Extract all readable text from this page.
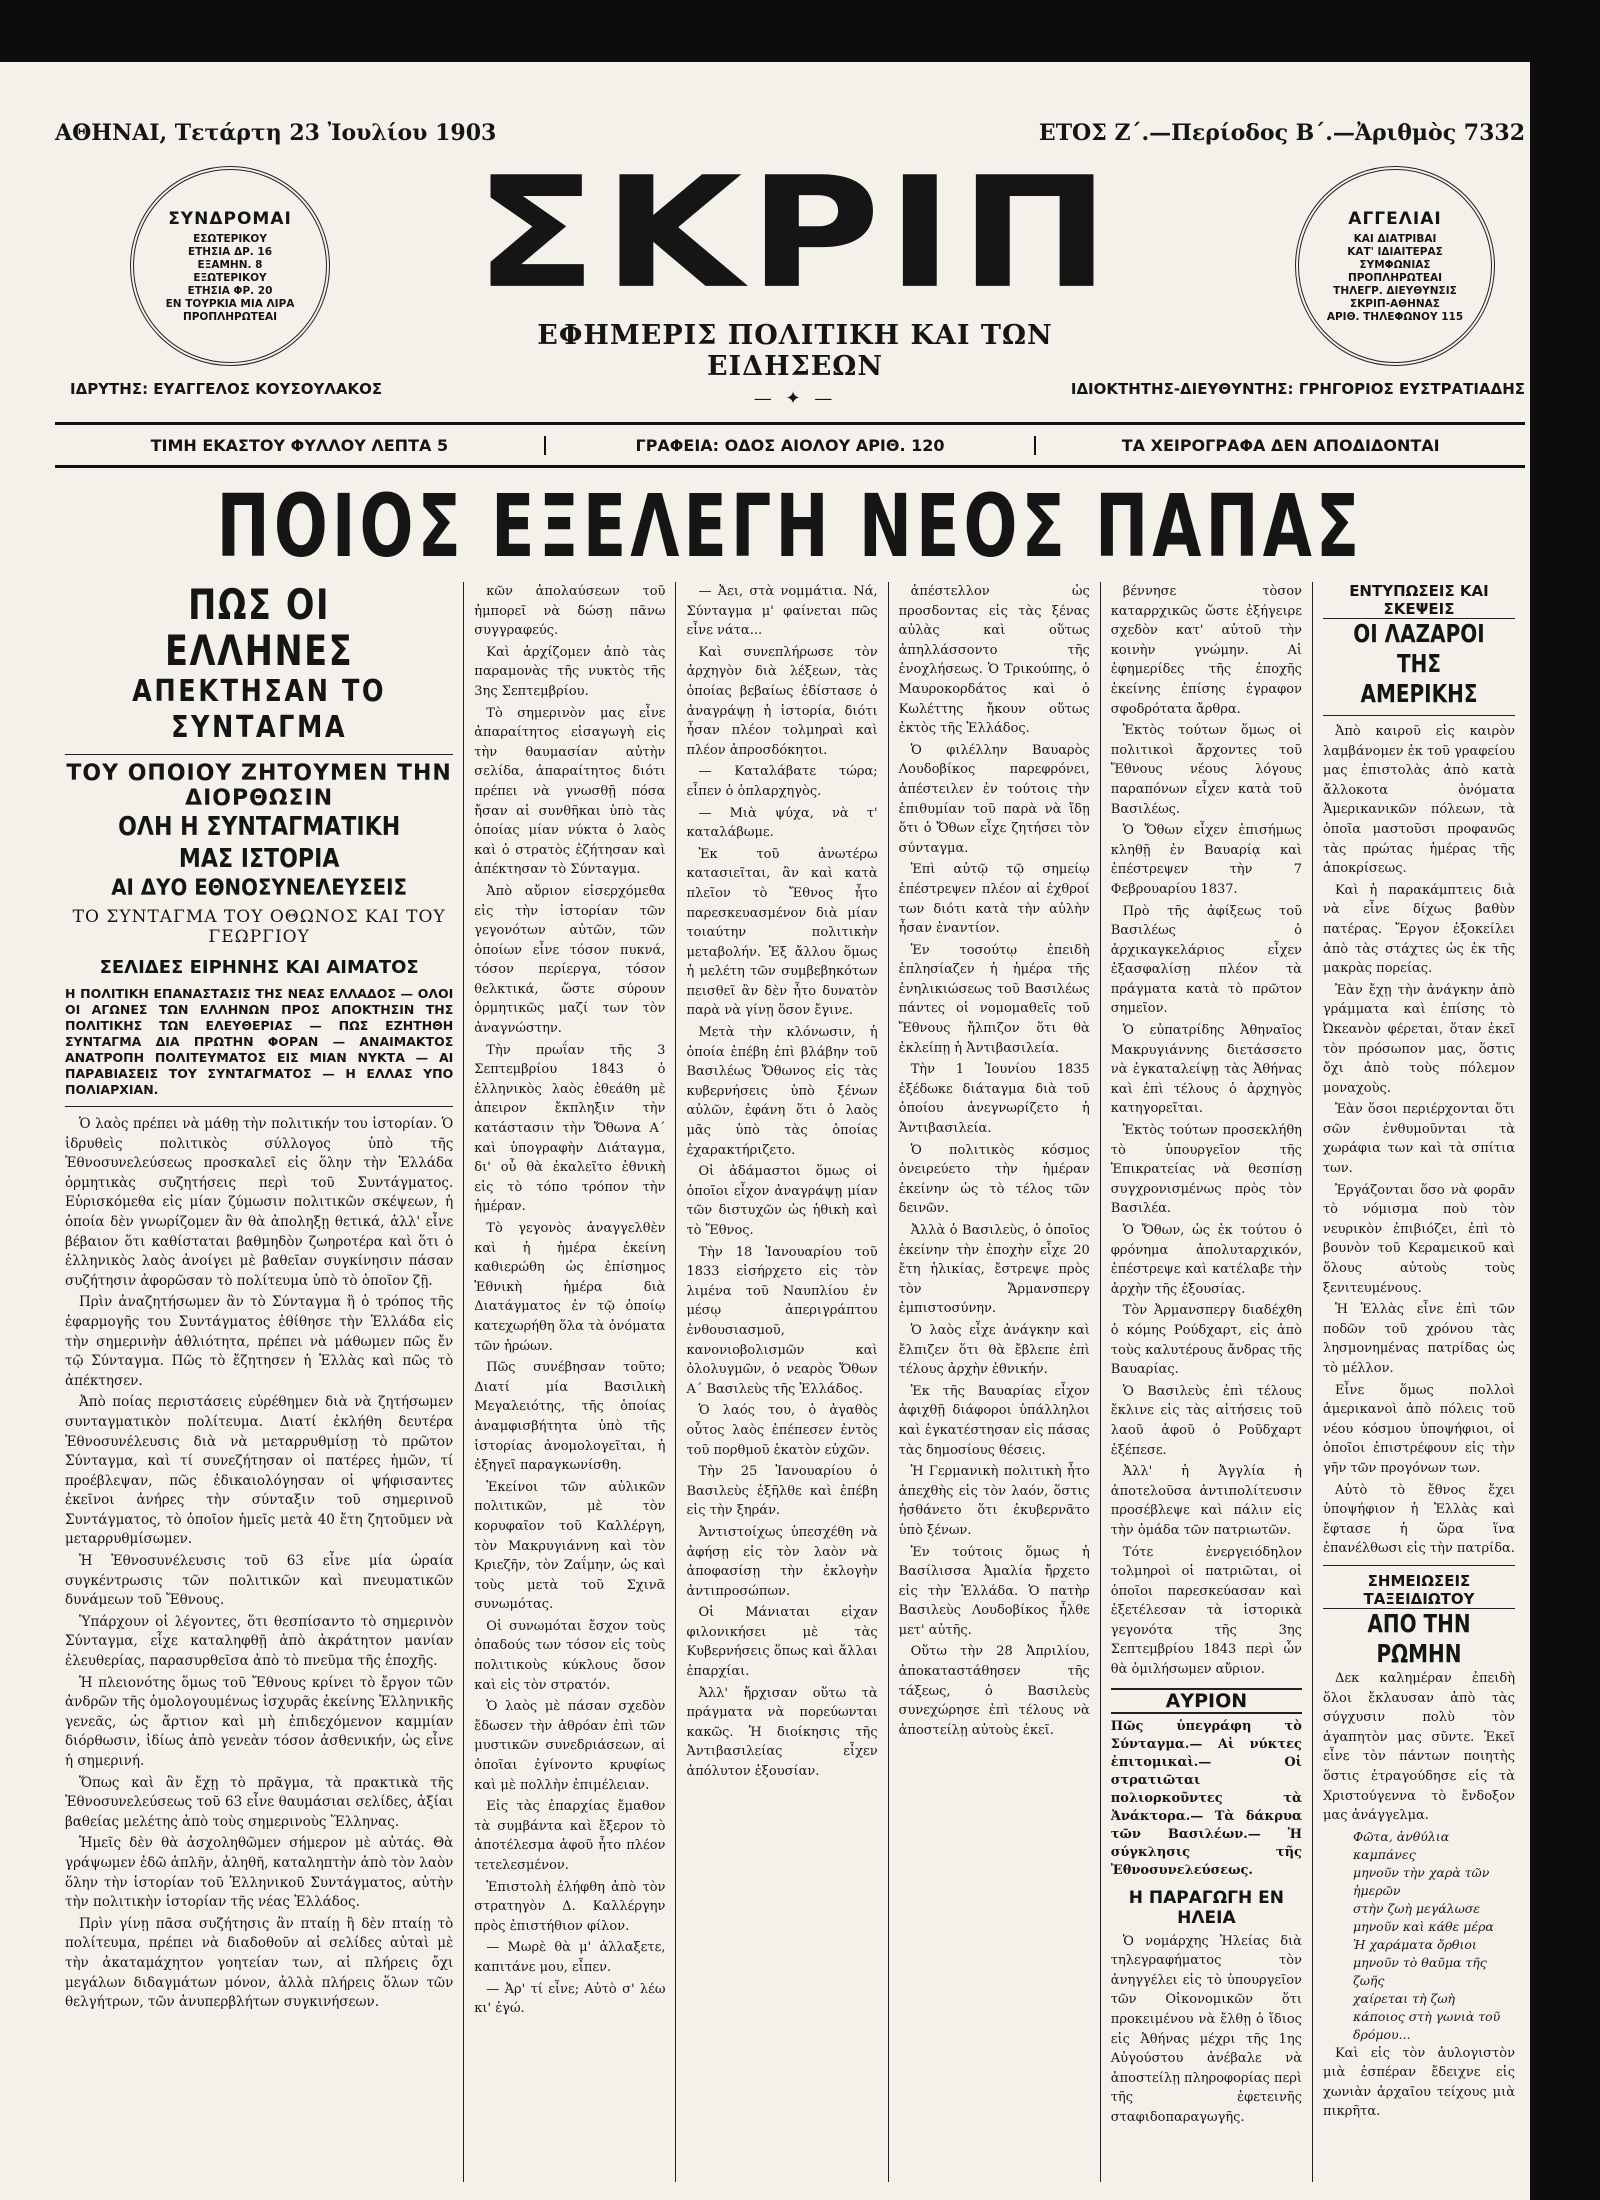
ΑΘΗΝΑΙ, Τετάρτη 23 Ἰουλίου 1903	ΕΤΟΣ Ζ΄.—Περίοδος Β΄.—Ἀριθμὸς 7332
ΣΥΝΔΡΟΜΑΙ
ΕΣΩΤΕΡΙΚΟΥ
ΕΤΗΣΙΑ ΔΡ. 16
ΕΞΑΜΗΝ. 8
ΕΞΩΤΕΡΙΚΟΥ
ΕΤΗΣΙΑ ΦΡ. 20
ΕΝ ΤΟΥΡΚΙΑ ΜΙΑ ΛΙΡΑ
ΠΡΟΠΛΗΡΩΤΕΑΙ ΣΚΡΙΠ
ΕΦΗΜΕΡΙΣ ΠΟΛΙΤΙΚΗ ΚΑΙ ΤΩΝ ΕΙΔΗΣΕΩΝ
— ✦ —
ΑΓΓΕΛΙΑΙ
ΚΑΙ ΔΙΑΤΡΙΒΑΙ
ΚΑΤ' ΙΔΙΑΙΤΕΡΑΣ
ΣΥΜΦΩΝΙΑΣ
ΠΡΟΠΛΗΡΩΤΕΑΙ
ΤΗΛΕΓΡ. ΔΙΕΥΘΥΝΣΙΣ
ΣΚΡΙΠ-ΑΘΗΝΑΣ
ΑΡΙΘ. ΤΗΛΕΦΩΝΟΥ 115
ΙΔΡΥΤΗΣ: ΕΥΑΓΓΕΛΟΣ ΚΟΥΣΟΥΛΑΚΟΣ	ΙΔΙΟΚΤΗΤΗΣ-ΔΙΕΥΘΥΝΤΗΣ: ΓΡΗΓΟΡΙΟΣ ΕΥΣΤΡΑΤΙΑΔΗΣ
ΤΙΜΗ ΕΚΑΣΤΟΥ ΦΥΛΛΟΥ ΛΕΠΤΑ 5	ΓΡΑΦΕΙΑ: ΟΔΟΣ ΑΙΟΛΟΥ ΑΡΙΘ. 120	ΤΑ ΧΕΙΡΟΓΡΑΦΑ ΔΕΝ ΑΠΟΔΙΔΟΝΤΑΙ
ΠΟΙΟΣ ΕΞΕΛΕΓΗ ΝΕΟΣ ΠΑΠΑΣ
ΠΩΣ ΟΙ ΕΛΛΗΝΕΣ
ΑΠΕΚΤΗΣΑΝ ΤΟ ΣΥΝΤΑΓΜΑ
ΤΟΥ ΟΠΟΙΟΥ ΖΗΤΟΥΜΕΝ ΤΗΝ ΔΙΟΡΘΩΣΙΝ
ΟΛΗ Η ΣΥΝΤΑΓΜΑΤΙΚΗ ΜΑΣ ΙΣΤΟΡΙΑ
ΑΙ ΔΥΟ ΕΘΝΟΣΥΝΕΛΕΥΣΕΙΣ
ΤΟ ΣΥΝΤΑΓΜΑ ΤΟΥ ΟΘΩΝΟΣ ΚΑΙ ΤΟΥ ΓΕΩΡΓΙΟΥ
ΣΕΛΙΔΕΣ ΕΙΡΗΝΗΣ ΚΑΙ ΑΙΜΑΤΟΣ
Η ΠΟΛΙΤΙΚΗ ΕΠΑΝΑΣΤΑΣΙΣ ΤΗΣ ΝΕΑΣ ΕΛΛΑΔΟΣ — ΟΛΟΙ ΟΙ ΑΓΩΝΕΣ ΤΩΝ ΕΛΛΗΝΩΝ ΠΡΟΣ ΑΠΟΚΤΗΣΙΝ ΤΗΣ ΠΟΛΙΤΙΚΗΣ ΤΩΝ ΕΛΕΥΘΕΡΙΑΣ — ΠΩΣ ΕΖΗΤΗΘΗ ΣΥΝΤΑΓΜΑ ΔΙΑ ΠΡΩΤΗΝ ΦΟΡΑΝ — ΑΝΑΙΜΑΚΤΟΣ ΑΝΑΤΡΟΠΗ ΠΟΛΙΤΕΥΜΑΤΟΣ ΕΙΣ ΜΙΑΝ ΝΥΚΤΑ — ΑΙ ΠΑΡΑΒΙΑΣΕΙΣ ΤΟΥ ΣΥΝΤΑΓΜΑΤΟΣ — Η ΕΛΛΑΣ ΥΠΟ ΠΟΛΙΑΡΧΙΑΝ.

Ὁ λαὸς πρέπει νὰ μάθῃ τὴν πολιτικήν του ἱστορίαν. Ὁ ἱδρυθεὶς πολιτικὸς σύλλογος ὑπὸ τῆς Ἐθνοσυνελεύσεως προσκαλεῖ εἰς ὅλην τὴν Ἑλλάδα ὁρμητικὰς συζητήσεις περὶ τοῦ Συντάγματος. Εὑρισκόμεθα εἰς μίαν ζύμωσιν πολιτικῶν σκέψεων, ἡ ὁποία δὲν γνωρίζομεν ἂν θὰ ἀποληξῃ θετικά, ἀλλ' εἶνε βέβαιον ὅτι καθίσταται βαθμηδὸν ζωηροτέρα καὶ ὅτι ὁ ἑλληνικὸς λαὸς ἀνοίγει μὲ βαθεῖαν συγκίνησιν πάσαν συζήτησιν ἀφορῶσαν τὸ πολίτευμα ὑπὸ τὸ ὁποῖον ζῇ.

Πρὶν ἀναζητήσωμεν ἂν τὸ Σύνταγμα ἢ ὁ τρόπος τῆς ἐφαρμογῆς του Συντάγματος ἐθίθησε τὴν Ἑλλάδα εἰς τὴν σημερινὴν ἀθλιότητα, πρέπει νὰ μάθωμεν πῶς ἔν τῷ Σύνταγμα. Πῶς τὸ ἔζητησεν ἡ Ἑλλὰς καὶ πῶς τὸ ἀπέκτησεν.

Ἀπὸ ποίας περιστάσεις εὑρέθημεν διὰ νὰ ζητήσωμεν συνταγματικὸν πολίτευμα. Διατί ἐκλήθη δευτέρα Ἐθνοσυνέλευσις διὰ νὰ μεταρρυθμίσῃ τὸ πρῶτον Σύνταγμα, καὶ τί συνεζήτησαν οἱ πατέρες ἡμῶν, τί προέβλεψαν, πῶς ἐδικαιολόγησαν οἱ ψήφισαντες ἐκεῖνοι ἀνήρες τὴν σύνταξιν τοῦ σημερινοῦ Συντάγματος, τὸ ὁποῖον ἡμεῖς μετὰ 40 ἔτη ζητοῦμεν νὰ μεταρρυθμίσωμεν.

Ἡ Ἐθνοσυνέλευσις τοῦ 63 εἶνε μία ὡραία συγκέντρωσις τῶν πολιτικῶν καὶ πνευματικῶν δυνάμεων τοῦ Ἔθνους.

Ὑπάρχουν οἱ λέγοντες, ὅτι θεσπίσαντο τὸ σημερινὸν Σύνταγμα, εἶχε καταληφθῇ ἀπὸ ἀκράτητον μανίαν ἐλευθερίας, παρασυρθεῖσα ἀπὸ τὸ πνεῦμα τῆς ἐποχῆς.

Ἡ πλειονότης ὅμως τοῦ Ἔθνους κρίνει τὸ ἔργον τῶν ἀνδρῶν τῆς ὁμολογουμένως ἰσχυρᾶς ἐκείνης Ἑλληνικῆς γενεᾶς, ὡς ἄρτιον καὶ μὴ ἐπιδεχόμενον καμμίαν διόρθωσιν, ἰδίως ἀπὸ γενεὰν τόσον ἀσθενικήν, ὡς εἶνε ἡ σημερινή.

Ὅπως καὶ ἂν ἔχῃ τὸ πρᾶγμα, τὰ πρακτικὰ τῆς Ἐθνοσυνελεύσεως τοῦ 63 εἶνε θαυμάσιαι σελίδες, ἀξίαι βαθείας μελέτης ἀπὸ τοὺς σημερινοὺς Ἕλληνας.

Ἡμεῖς δὲν θὰ ἀσχοληθῶμεν σήμερον μὲ αὐτάς. Θὰ γράψωμεν ἐδῶ ἁπλῆν, ἀληθῆ, καταληπτὴν ἀπὸ τὸν λαὸν ὅλην τὴν ἱστορίαν τοῦ Ἑλληνικοῦ Συντάγματος, αὐτὴν τὴν πολιτικὴν ἱστορίαν τῆς νέας Ἑλλάδος.

Πρὶν γίνῃ πᾶσα συζήτησις ἂν πταίῃ ἢ δὲν πταίῃ τὸ πολίτευμα, πρέπει νὰ διαδοθοῦν αἱ σελίδες αὐταὶ μὲ τὴν ἀκαταμάχητον γοητείαν των, αἱ πλήρεις ὄχι μεγάλων διδαγμάτων μόνον, ἀλλὰ πλήρεις ὅλων τῶν θελγήτρων, τῶν ἀνυπερβλήτων συγκινήσεων.

κῶν ἀπολαύσεων τοῦ ἠμπορεῖ νὰ δώσῃ πᾶνω συγγραφεύς.

Καὶ ἀρχίζομεν ἀπὸ τὰς παραμονὰς τῆς νυκτὸς τῆς 3ης Σεπτεμβρίου.

Τὸ σημερινὸν μας εἶνε ἀπαραίτητος εἰσαγωγὴ εἰς τὴν θαυμασίαν αὐτὴν σελίδα, ἀπαραίτητος διότι πρέπει νὰ γνωσθῇ πόσα ἤσαν αἱ συνθῆκαι ὑπὸ τὰς ὁποίας μίαν νύκτα ὁ λαὸς καὶ ὁ στρατὸς ἐζήτησαν καὶ ἀπέκτησαν τὸ Σύνταγμα.

Ἀπὸ αὔριον εἰσερχόμεθα εἰς τὴν ἱστορίαν τῶν γεγονότων αὐτῶν, τῶν ὁποίων εἶνε τόσον πυκνά, τόσον περίεργα, τόσον θελκτικά, ὥστε σύρουν ὁρμητικῶς μαζί των τὸν ἀναγνώστην.

Τὴν πρωΐαν τῆς 3 Σεπτεμβρίου 1843 ὁ ἑλληνικὸς λαὸς ἐθεάθη μὲ ἀπειρον ἔκπληξιν τὴν κατάστασιν τὴν Ὄθωνα Α΄ καὶ ὑπογραφὴν Διάταγμα, δι' οὗ θὰ ἐκαλεῖτο ἐθνικὴ εἰς τὸ τόπο τρόπον τὴν ἡμέραν.

Τὸ γεγονὸς ἀναγγελθὲν καὶ ἡ ἡμέρα ἐκείνη καθιερώθη ὡς ἐπίσημος Ἐθνικὴ ἡμέρα διὰ Διατάγματος ἐν τῷ ὁποίῳ κατεχωρήθη ὅλα τὰ ὀνόματα τῶν ἡρώων.

Πῶς συνέβησαν τοῦτο; Διατί μία Βασιλικὴ Μεγαλειότης, τῆς ὁποίας ἀναμφισβήτητα ὑπὸ τῆς ἱστορίας ἀνομολογεῖται, ἠ ἐξηγεῖ παραγκωνίσθη.

Ἐκείνοι τῶν αὐλικῶν πολιτικῶν, μὲ τὸν κορυφαῖον τοῦ Καλλέργη, τὸν Μακρυγιάννη καὶ τὸν Κριεζῆν, τὸν Ζαΐμην, ὡς καὶ τοὺς μετὰ τοῦ Σχινᾶ συνωμότας.

Οἱ συνωμόται ἔσχον τοὺς ὀπαδούς των τόσον εἰς τοὺς πολιτικοὺς κύκλους ὅσον καὶ εἰς τὸν στρατόν.

Ὁ λαὸς μὲ πάσαν σχεδὸν ἔδωσεν τὴν ἀθρόαν ἐπὶ τῶν μυστικῶν συνεδριάσεων, αἱ ὁποῖαι ἐγίνοντο κρυφίως καὶ μὲ πολλὴν ἐπιμέλειαν.

Εἰς τὰς ἐπαρχίας ἔμαθον τὰ συμβάντα καὶ ἔξερον τὸ ἀποτέλεσμα ἀφοῦ ἦτο πλέον τετελεσμένον.

Ἐπιστολὴ ἐλήφθη ἀπὸ τὸν στρατηγὸν Δ. Καλλέργην πρὸς ἐπιστήθιον φίλον.

— Μωρὲ θὰ μ' ἀλλαξετε, καπιτάνε μου, εἶπεν.

— Ἀρ' τί εἶνε; Αὐτὸ σ' λέω κι' ἐγώ.

— Ἀει, στὰ νομμάτια. Νά, Σύνταγμα μ' φαίνεται πῶς εἶνε νάτα...

Καὶ συνεπλήρωσε τὸν ἀρχηγὸν διὰ λέξεων, τὰς ὁποίας βεβαίως ἐδίστασε ὁ ἀναγράψῃ ἡ ἱστορία, διότι ἦσαν πλέον τολμηραὶ καὶ πλέον ἀπροσδόκητοι.

— Καταλάβατε τώρα; εἶπεν ὁ ὁπλαρχηγὸς.

— Μιὰ ψύχα, νὰ τ' καταλάβωμε.

Ἐκ τοῦ ἀνωτέρω κατασιεῖται, ἂν καὶ κατὰ πλεῖον τὸ Ἔθνος ἦτο παρεσκευασμένον διὰ μίαν τοιαύτην πολιτικὴν μεταβολήν. Ἐξ ἄλλου ὅμως ἡ μελέτη τῶν συμβεβηκότων πεισθεῖ ἂν δὲν ἦτο δυνατὸν παρὰ νὰ γίνῃ ὅσον ἔγινε.

Μετὰ τὴν κλόνωσιν, ἡ ὁποία ἐπέβη ἐπὶ βλάβην τοῦ Βασιλέως Ὄθωνος εἰς τὰς κυβερνήσεις ὑπὸ ξένων αὐλῶν, ἐφάνη ὅτι ὁ λαὸς μᾶς ὑπὸ τὰς ὁποίας ἐχαρακτήριζετο.

Οἱ ἀδάμαστοι ὅμως οἱ ὁποῖοι εἶχον ἀναγράψῃ μίαν τῶν διστυχῶν ὡς ἡθικὴ καὶ τὸ Ἔθνος.

Τὴν 18 Ἰανουαρίου τοῦ 1833 εἰσήρχετο εἰς τὸν λιμένα τοῦ Ναυπλίου ἐν μέσῳ ἀπεριγράπτου ἐνθουσιασμοῦ, κανονιοβολισμῶν καὶ ὁλολυγμῶν, ὁ νεαρὸς Ὄθων Α΄ Βασιλεὺς τῆς Ἑλλάδος.

Ὁ λαός του, ὁ ἀγαθὸς οὗτος λαὸς ἐπέπεσεν ἐντὸς τοῦ πορθμοῦ ἑκατὸν εὐχῶν.

Τὴν 25 Ἰανουαρίου ὁ Βασιλεὺς ἐξῆλθε καὶ ἐπέβη εἰς τὴν ξηράν.

Ἀντιστοίχως ὑπεσχέθη νὰ ἀφήσῃ εἰς τὸν λαὸν νὰ ἀποφασίσῃ τὴν ἐκλογὴν ἀντιπροσώπων.

Οἱ Μάνιαται εἰχαν φιλονικήσει μὲ τὰς Κυβερνήσεις ὅπως καὶ ἄλλαι ἐπαρχίαι.

Ἀλλ' ἤρχισαν οὕτω τὰ πράγματα νὰ πορεύωνται κακῶς. Ἡ διοίκησις τῆς Ἀντιβασιλείας εἶχεν ἀπόλυτον ἐξουσίαν.

ἀπέστελλον ὡς προσδοντας εἰς τὰς ξένας αὐλὰς καὶ οὕτως ἀπηλλάσσοντο τῆς ἐνοχλήσεως. Ὁ Τρικούπης, ὁ Μαυροκορδάτος καὶ ὁ Κωλέττης ἤκουν οὕτως ἐκτὸς τῆς Ἑλλάδος.

Ὁ φιλέλλην Βαυαρὸς Λουδοβίκος παρεφρόνει, ἀπέστειλεν ἐν τούτοις τὴν ἐπιθυμίαν τοῦ παρὰ νὰ ἴδῃ ὅτι ὁ Ὄθων εἶχε ζητήσει τὸν σύνταγμα.

Ἐπὶ αὐτῷ τῷ σημείῳ ἐπέστρεψεν πλέον αἱ ἐχθροί των διότι κατὰ τὴν αὐλὴν ἦσαν ἐναντίον.

Ἐν τοσούτῳ ἐπειδὴ ἐπλησίαζεν ἡ ἡμέρα τῆς ἐνηλικιώσεως τοῦ Βασιλέως πάντες οἱ νομομαθεῖς τοῦ Ἔθνους ἤλπιζον ὅτι θὰ ἐκλείπῃ ἡ Ἀντιβασιλεία.

Τὴν 1 Ἰουνίου 1835 ἐξέδωκε διάταγμα διὰ τοῦ ὁποίου ἀνεγνωρίζετο ἡ Ἀντιβασιλεία.

Ὁ πολιτικὸς κόσμος ὀνειρεύετο τὴν ἡμέραν ἐκείνην ὡς τὸ τέλος τῶν δεινῶν.

Ἀλλὰ ὁ Βασιλεὺς, ὁ ὁποῖος ἐκείνην τὴν ἐποχὴν εἶχε 20 ἔτη ἡλικίας, ἔστρεψε πρὸς τὸν Ἄρμανσπεργ ἐμπιστοσύνην.

Ὁ λαὸς εἶχε ἀνάγκην καὶ ἔλπιζεν ὅτι θὰ ἔβλεπε ἐπὶ τέλους ἀρχὴν ἐθνικήν.

Ἐκ τῆς Βαυαρίας εἶχον ἀφιχθῇ διάφοροι ὑπάλληλοι καὶ ἐγκατέστησαν εἰς πάσας τὰς δημοσίους θέσεις.

Ἡ Γερμανικὴ πολιτικὴ ἦτο ἀπεχθὴς εἰς τὸν λαόν, ὅστις ἠσθάνετο ὅτι ἐκυβερνᾶτο ὑπὸ ξένων.

Ἐν τούτοις ὅμως ἡ Βασίλισσα Ἀμαλία ἤρχετο εἰς τὴν Ἑλλάδα. Ὁ πατὴρ Βασιλεὺς Λουδοβίκος ἦλθε μετ' αὐτῆς.

Οὕτω τὴν 28 Ἀπριλίου, ἀποκαταστάθησεν τῆς τάξεως, ὁ Βασιλεὺς συνεχώρησε ἐπὶ τέλους νὰ ἀποστείλῃ αὐτοὺς ἐκεῖ.

βέννησε τὸσον καταρρχικῶς ὥστε ἐξήγειρε σχεδὸν κατ' αὐτοῦ τὴν κοινὴν γνώμην. Αἱ ἐφημερίδες τῆς ἐποχῆς ἐκείνης ἐπίσης ἐγραφον σφοδρότατα ἄρθρα.

Ἐκτὸς τούτων ὅμως οἱ πολιτικοὶ ἄρχοντες τοῦ Ἔθνους νέους λόγους παραπόνων εἶχεν κατὰ τοῦ Βασιλέως.

Ὁ Ὄθων εἶχεν ἐπισήμως κληθῇ ἐν Βαυαρίᾳ καὶ ἐπέστρεψεν τὴν 7 Φεβρουαρίου 1837.

Πρὸ τῆς ἀφίξεως τοῦ Βασιλέως ὁ ἀρχικαγκελάριος εἶχεν ἐξασφαλίσῃ πλέον τὰ πράγματα κατὰ τὸ πρῶτον σημεῖον.

Ὁ εὐπατρίδης Ἀθηναῖος Μακρυγιάννης διετάσσετο νὰ ἐγκαταλείψῃ τὰς Ἀθήνας καὶ ἐπὶ τέλους ὁ ἀρχηγὸς κατηγορεῖται.

Ἐκτὸς τούτων προσεκλήθη τὸ ὑπουργεῖον τῆς Ἐπικρατείας νὰ θεσπίσῃ συγχρονισμένως πρὸς τὸν Βασιλέα.

Ὁ Ὄθων, ὡς ἐκ τούτου ὁ φρόνημα ἀπολυταρχικόν, ἐπέστρεψε καὶ κατέλαβε τὴν ἀρχὴν τῆς ἐξουσίας.

Τὸν Ἀρμανσπεργ διαδέχθη ὁ κόμης Ρούδχαρτ, εἰς ἀπὸ τοὺς καλυτέρους ἄνδρας τῆς Βαυαρίας.

Ὁ Βασιλεὺς ἐπὶ τέλους ἔκλινε εἰς τὰς αἰτήσεις τοῦ λαοῦ ἀφοῦ ὁ Ροῦδχαρτ ἐξέπεσε.

Ἀλλ' ἡ Ἀγγλία ἡ ἀποτελοῦσα ἀντιπολίτευσιν προσέβλεψε καὶ πάλιν εἰς τὴν ὁμάδα τῶν πατριωτῶν.

Τότε ἐνεργειόδηλον τολμηροὶ οἱ πατριῶται, οἱ ὁποῖοι παρεσκεύασαν καὶ ἐξετέλεσαν τὰ ἱστορικὰ γεγονότα τῆς 3ης Σεπτεμβρίου 1843 περὶ ὧν θὰ ὁμιλήσωμεν αὔριον.

ΑΥΡΙΟΝ
Πῶς ὑπεγράφη τὸ Σύνταγμα.— Αἱ νύκτες ἐπιτομικαὶ.— Οἱ στρατιῶται πολιορκοῦντες τὰ Ἀνάκτορα.— Τὰ δάκρυα τῶν Βασιλέων.— Ἡ σύγκλησις τῆς Ἐθνοσυνελεύσεως.
Η ΠΑΡΑΓΩΓΗ ΕΝ ΗΛΕΙΑ

Ὁ νομάρχης Ἠλείας διὰ τηλεγραφήματος τὸν ἀνηγγέλει εἰς τὸ ὑπουργεῖον τῶν Οἰκονομικῶν ὅτι προκειμένου νὰ ἔλθῃ ὁ ἴδιος εἰς Ἀθήνας μέχρι τῆς 1ης Αὐγούστου ἀνέβαλε νὰ ἀποστείλῃ πληροφορίας περὶ τῆς ἐφετεινῆς σταφιδοπαραγωγῆς.

ΕΝΤΥΠΩΣΕΙΣ ΚΑΙ ΣΚΕΨΕΙΣ
ΟΙ ΛΑΖΑΡΟΙ ΤΗΣ ΑΜΕΡΙΚΗΣ

Ἀπὸ καιροῦ εἰς καιρὸν λαμβάνομεν ἐκ τοῦ γραφείου μας ἐπιστολὰς ἀπὸ κατὰ ἄλλοκοτα ὀνόματα Ἀμερικανικῶν πόλεων, τὰ ὁποῖα μαστοῦσι προφανῶς τὰς πρώτας ἡμέρας τῆς ἀποκρίσεως.

Καὶ ἡ παρακάμπτεις διὰ νὰ εἶνε δίχως βαθὺν πατέρας. Ἔργον ἐξοκείλει ἀπὸ τὰς στάχτες ὡς ἐκ τῆς μακρὰς πορείας.

Ἐὰν ἔχῃ τὴν ἀνάγκην ἀπὸ γράμματα καὶ ἐπίσης τὸ Ὠκεανὸν φέρεται, ὅταν ἐκεῖ τὸν πρόσωπον μας, ὅστις ὄχι ἀπὸ τοὺς πόλεμον μοναχοὺς.

Ἐὰν ὅσοι περιέρχονται ὅτι σῶν ἐνθυμοῦνται τὰ χωράφια των καὶ τὰ σπίτια των.

Ἐργάζονται ὅσο νὰ φορᾶν τὸ νόμισμα ποὺ τὸν νευρικὸν ἐπιβιόζει, ἐπὶ τὸ βουνὸν τοῦ Κεραμεικοῦ καὶ ὅλους αὐτοὺς τοὺς ξενιτευμένους.

Ἡ Ἑλλὰς εἶνε ἐπὶ τῶν ποδῶν τοῦ χρόνου τὰς λησμονημένας πατρίδας ὡς τὸ μέλλον.

Εἶνε ὅμως πολλοὶ ἀμερικανοὶ ἀπὸ πόλεις τοῦ νέου κόσμου ὑποψήφιοι, οἱ ὁποῖοι ἐπιστρέφουν εἰς τὴν γῆν τῶν προγόνων των.

Αὐτὸ τὸ ἔθνος ἔχει ὑποψήφιον ἡ Ἑλλὰς καὶ ἔφτασε ἡ ὥρα ἵνα ἐπανέλθωσι εἰς τὴν πατρίδα.

ΣΗΜΕΙΩΣΕΙΣ ΤΑΞΕΙΔΙΩΤΟΥ
ΑΠΟ ΤΗΝ ΡΩΜΗΝ

Δεκ καλημέραν ἐπειδὴ ὅλοι ἔκλαυσαν ἀπὸ τὰς σύγχυσιν πολὺ τὸν ἀγαπητὸν μας σῦντε. Ἐκεῖ εἶνε τὸν πάντων ποιητὴς ὅστις ἐτραγούδησε εἰς τὰ Χριστούγεννα τὸ ἔνδοξον μας ἀνάγγελμα.

Φῶτα, ἀνθύλια καμπάνες
μηνοῦν τὴν χαρὰ τῶν ἡμερῶν
στὴν ζωὴ μεγάλωσε
μηνοῦν καὶ κάθε μέρα
Ἡ χαράματα ὄρθιοι
μηνοῦν τὸ θαῦμα τῆς ζωῆς
χαίρεται τὴ ζωὴ
κάποιος στὴ γωνιὰ τοῦ δρόμου...

Καὶ εἰς τὸν ἀυλογιστὸν μιὰ ἐσπέραν ἔδειχνε εἰς χωνιὰν ἀρχαῖου τείχους μιὰ πικρῆτα.
